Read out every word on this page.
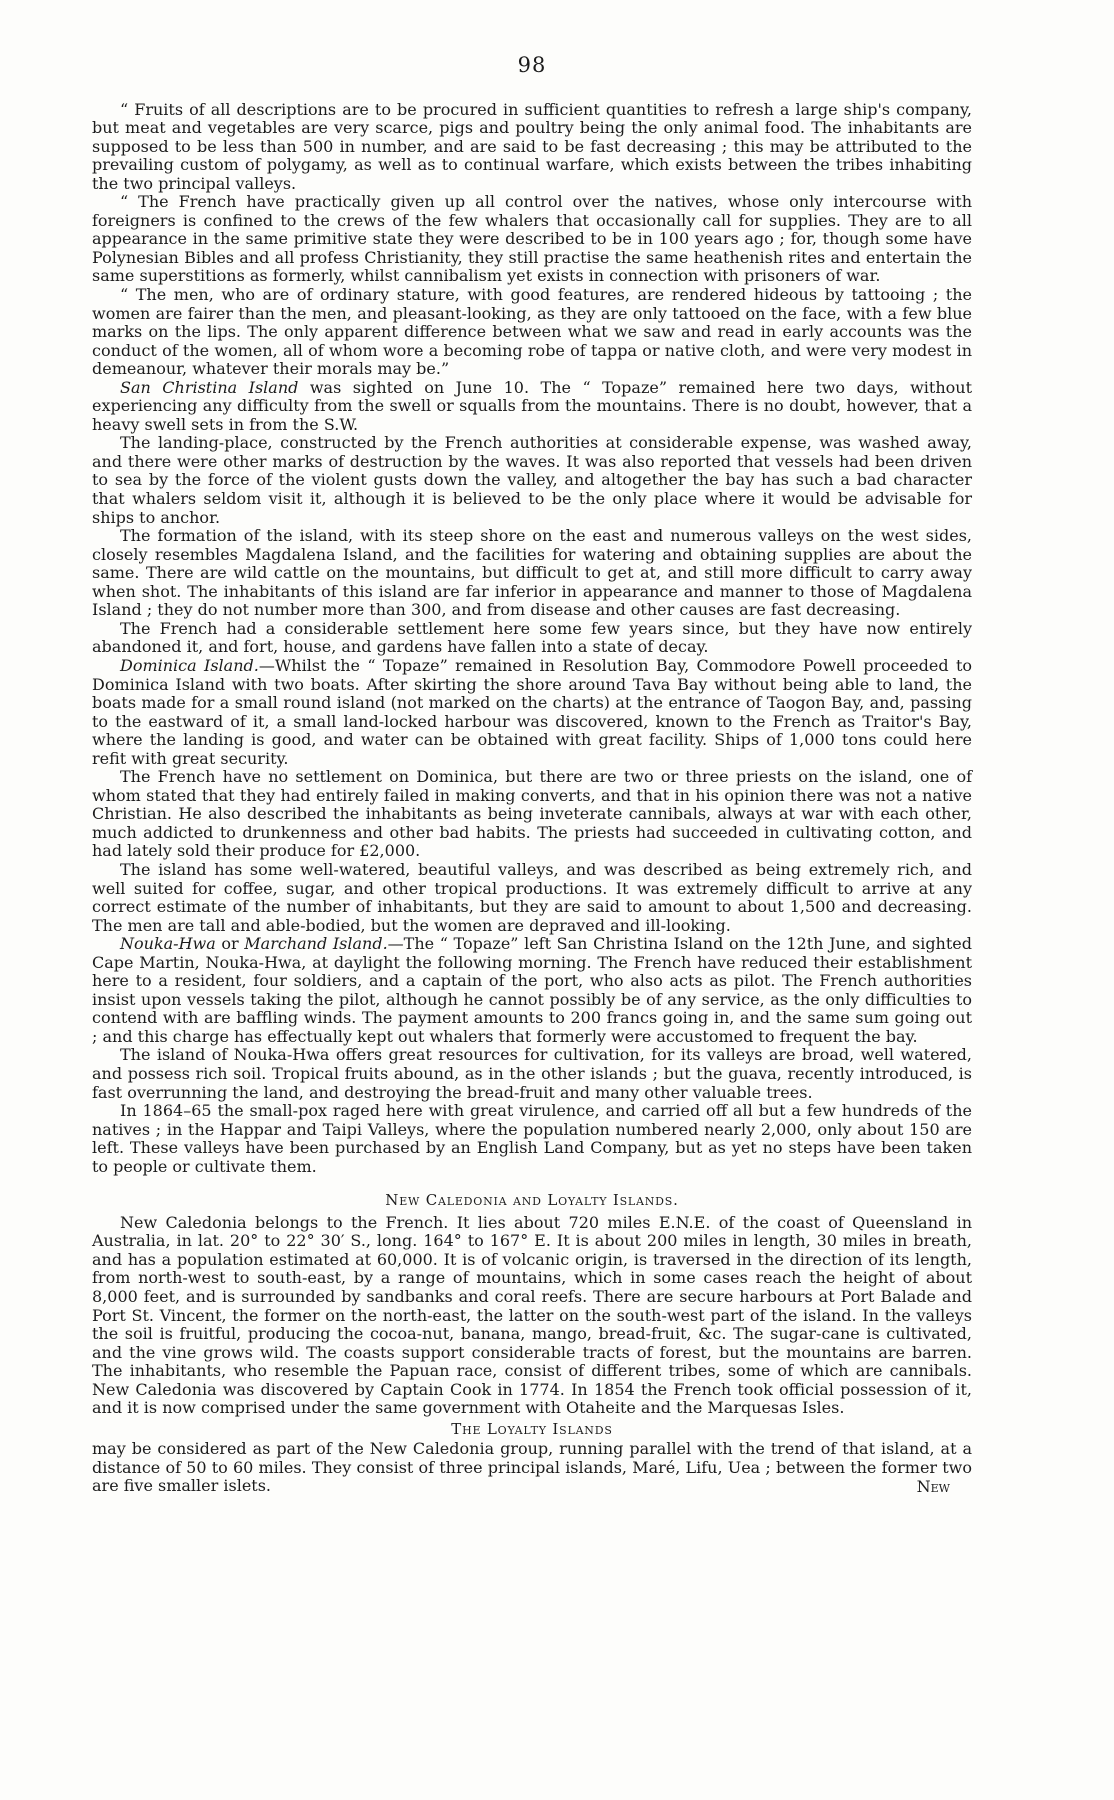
98

“ Fruits of all descriptions are to be procured in sufficient quantities to refresh a large ship's company, but meat and vegetables are very scarce, pigs and poultry being the only animal food. The inhabitants are supposed to be less than 500 in number, and are said to be fast decreasing ; this may be attributed to the prevailing custom of polygamy, as well as to continual warfare, which exists between the tribes inhabiting the two principal valleys.

“ The French have practically given up all control over the natives, whose only intercourse with foreigners is confined to the crews of the few whalers that occasionally call for supplies. They are to all appearance in the same primitive state they were described to be in 100 years ago ; for, though some have Polynesian Bibles and all profess Christianity, they still practise the same heathenish rites and entertain the same superstitions as formerly, whilst cannibalism yet exists in connection with prisoners of war.

“ The men, who are of ordinary stature, with good features, are rendered hideous by tattooing ; the women are fairer than the men, and pleasant-looking, as they are only tattooed on the face, with a few blue marks on the lips. The only apparent difference between what we saw and read in early accounts was the conduct of the women, all of whom wore a becoming robe of tappa or native cloth, and were very modest in demeanour, whatever their morals may be.”

San Christina Island was sighted on June 10. The “ Topaze” remained here two days, without experiencing any difficulty from the swell or squalls from the mountains. There is no doubt, however, that a heavy swell sets in from the S.W.

The landing-place, constructed by the French authorities at considerable expense, was washed away, and there were other marks of destruction by the waves. It was also reported that vessels had been driven to sea by the force of the violent gusts down the valley, and altogether the bay has such a bad character that whalers seldom visit it, although it is believed to be the only place where it would be advisable for ships to anchor.

The formation of the island, with its steep shore on the east and numerous valleys on the west sides, closely resembles Magdalena Island, and the facilities for watering and obtaining supplies are about the same. There are wild cattle on the mountains, but difficult to get at, and still more difficult to carry away when shot. The inhabitants of this island are far inferior in appearance and manner to those of Magdalena Island ; they do not number more than 300, and from disease and other causes are fast decreasing.

The French had a considerable settlement here some few years since, but they have now entirely abandoned it, and fort, house, and gardens have fallen into a state of decay.

Dominica Island.—Whilst the “ Topaze” remained in Resolution Bay, Commodore Powell proceeded to Dominica Island with two boats. After skirting the shore around Tava Bay without being able to land, the boats made for a small round island (not marked on the charts) at the entrance of Taogon Bay, and, passing to the eastward of it, a small land-locked harbour was discovered, known to the French as Traitor's Bay, where the landing is good, and water can be obtained with great facility. Ships of 1,000 tons could here refit with great security.

The French have no settlement on Dominica, but there are two or three priests on the island, one of whom stated that they had entirely failed in making converts, and that in his opinion there was not a native Christian. He also described the inhabitants as being inveterate cannibals, always at war with each other, much addicted to drunkenness and other bad habits. The priests had succeeded in cultivating cotton, and had lately sold their produce for £2,000.

The island has some well-watered, beautiful valleys, and was described as being extremely rich, and well suited for coffee, sugar, and other tropical productions. It was extremely difficult to arrive at any correct estimate of the number of inhabitants, but they are said to amount to about 1,500 and decreasing. The men are tall and able-bodied, but the women are depraved and ill-looking.

Nouka-Hwa or Marchand Island.—The “ Topaze” left San Christina Island on the 12th June, and sighted Cape Martin, Nouka-Hwa, at daylight the following morning. The French have reduced their establishment here to a resident, four soldiers, and a captain of the port, who also acts as pilot. The French authorities insist upon vessels taking the pilot, although he cannot possibly be of any service, as the only difficulties to contend with are baffling winds. The payment amounts to 200 francs going in, and the same sum going out ; and this charge has effectually kept out whalers that formerly were accustomed to frequent the bay.

The island of Nouka-Hwa offers great resources for cultivation, for its valleys are broad, well watered, and possess rich soil. Tropical fruits abound, as in the other islands ; but the guava, recently introduced, is fast overrunning the land, and destroying the bread-fruit and many other valuable trees.

In 1864–65 the small-pox raged here with great virulence, and carried off all but a few hundreds of the natives ; in the Happar and Taipi Valleys, where the population numbered nearly 2,000, only about 150 are left. These valleys have been purchased by an English Land Company, but as yet no steps have been taken to people or cultivate them.

New Caledonia and Loyalty Islands.

New Caledonia belongs to the French. It lies about 720 miles E.N.E. of the coast of Queensland in Australia, in lat. 20° to 22° 30′ S., long. 164° to 167° E. It is about 200 miles in length, 30 miles in breath, and has a population estimated at 60,000. It is of volcanic origin, is traversed in the direction of its length, from north-west to south-east, by a range of mountains, which in some cases reach the height of about 8,000 feet, and is surrounded by sandbanks and coral reefs. There are secure harbours at Port Balade and Port St. Vincent, the former on the north-east, the latter on the south-west part of the island. In the valleys the soil is fruitful, producing the cocoa-nut, banana, mango, bread-fruit, &c. The sugar-cane is cultivated, and the vine grows wild. The coasts support considerable tracts of forest, but the mountains are barren. The inhabitants, who resemble the Papuan race, consist of different tribes, some of which are cannibals. New Caledonia was discovered by Captain Cook in 1774. In 1854 the French took official possession of it, and it is now comprised under the same government with Otaheite and the Marquesas Isles.

The Loyalty Islands

may be considered as part of the New Caledonia group, running parallel with the trend of that island, at a distance of 50 to 60 miles. They consist of three principal islands, Maré, Lifu, Uea ; between the former two are five smaller islets.	New
